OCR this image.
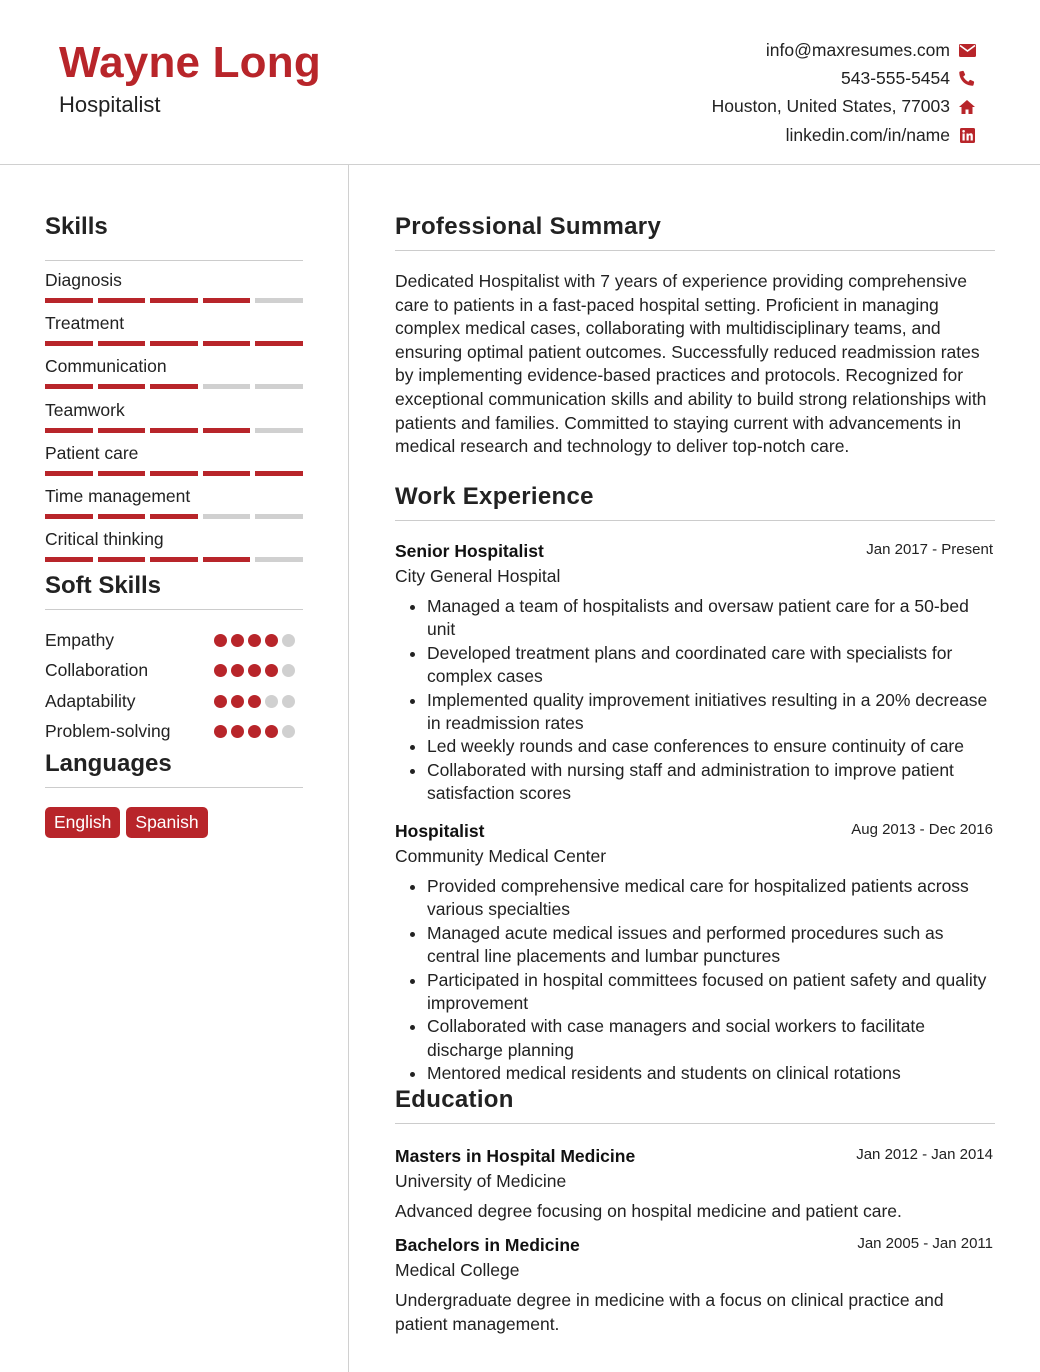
Wayne Long
Hospitalist
info@maxresumes.com
543-555-5454
Houston, United States, 77003
linkedin.com/in/name
Skills
Diagnosis
Treatment
Communication
Teamwork
Patient care
Time management
Critical thinking
Soft Skills
Empathy
Collaboration
Adaptability
Problem-solving
Languages
English	Spanish
Professional Summary
Dedicated Hospitalist with 7 years of experience providing comprehensive care to patients in a fast-paced hospital setting. Proficient in managing complex medical cases, collaborating with multidisciplinary teams, and ensuring optimal patient outcomes. Successfully reduced readmission rates by implementing evidence-based practices and protocols. Recognized for exceptional communication skills and ability to build strong relationships with patients and families. Committed to staying current with advancements in medical research and technology to deliver top-notch care.
Work Experience
Senior Hospitalist	Jan 2017 - Present
City General Hospital
• Managed a team of hospitalists and oversaw patient care for a 50-bed unit
• Developed treatment plans and coordinated care with specialists for complex cases
• Implemented quality improvement initiatives resulting in a 20% decrease in readmission rates
• Led weekly rounds and case conferences to ensure continuity of care
• Collaborated with nursing staff and administration to improve patient satisfaction scores
Hospitalist	Aug 2013 - Dec 2016
Community Medical Center
• Provided comprehensive medical care for hospitalized patients across various specialties
• Managed acute medical issues and performed procedures such as central line placements and lumbar punctures
• Participated in hospital committees focused on patient safety and quality improvement
• Collaborated with case managers and social workers to facilitate discharge planning
• Mentored medical residents and students on clinical rotations
Education
Masters in Hospital Medicine	Jan 2012 - Jan 2014
University of Medicine
Advanced degree focusing on hospital medicine and patient care.
Bachelors in Medicine	Jan 2005 - Jan 2011
Medical College
Undergraduate degree in medicine with a focus on clinical practice and patient management.
